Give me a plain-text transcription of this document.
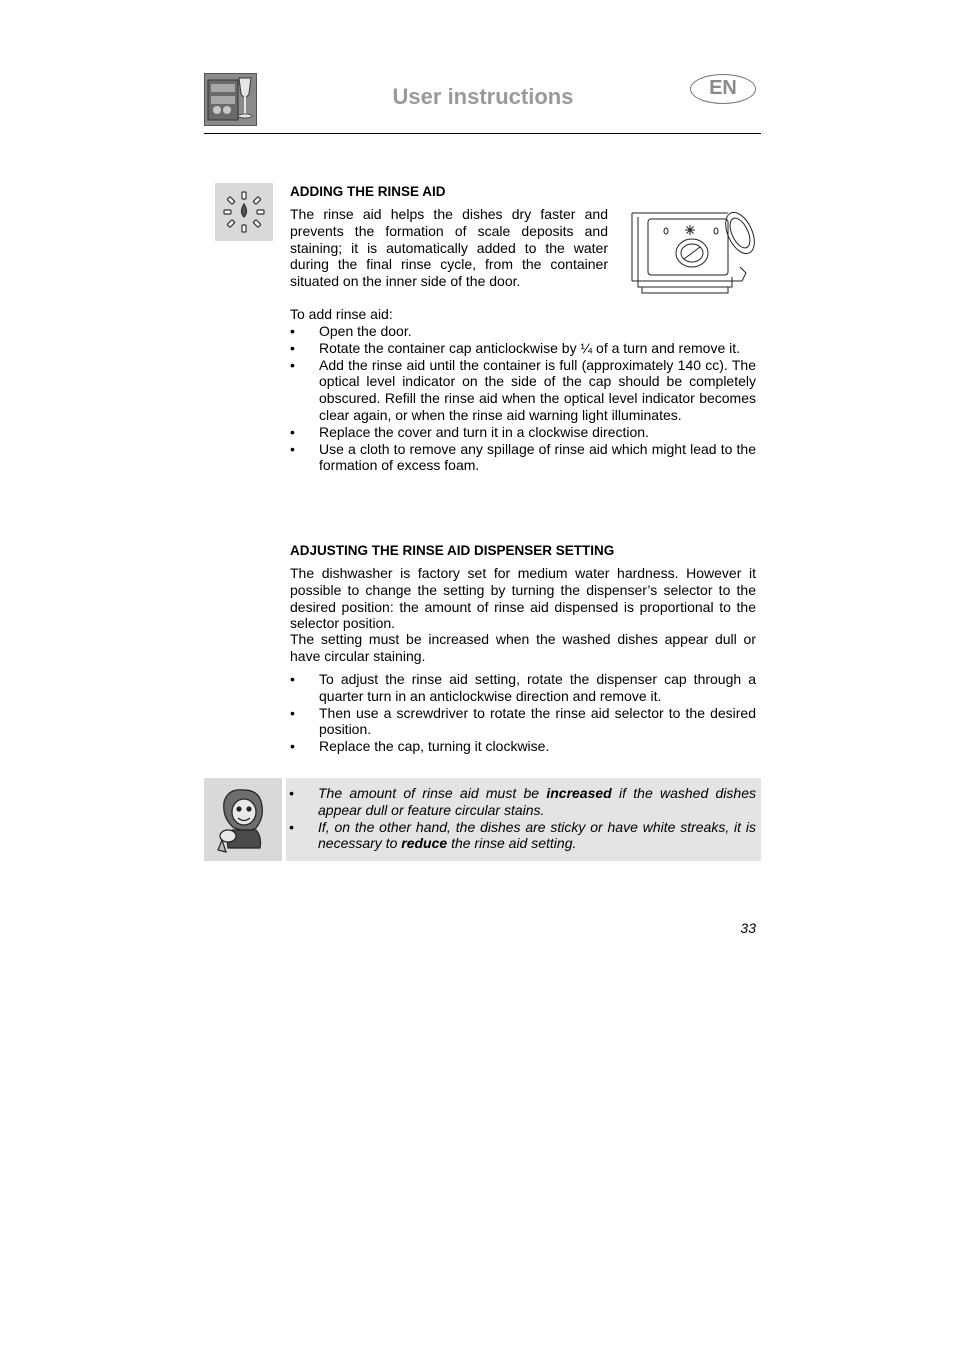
User instructions	EN
ADDING THE RINSE AID
The rinse aid helps the dishes dry faster and prevents the formation of scale deposits and staining; it is automatically added to the water during the final rinse cycle, from the container situated on the inner side of the door.
To add rinse aid:
• Open the door.
• Rotate the container cap anticlockwise by ¼ of a turn and remove it.
• Add the rinse aid until the container is full (approximately 140 cc). The optical level indicator on the side of the cap should be completely obscured. Refill the rinse aid when the optical level indicator becomes clear again, or when the rinse aid warning light illuminates.
• Replace the cover and turn it in a clockwise direction.
• Use a cloth to remove any spillage of rinse aid which might lead to the formation of excess foam.
ADJUSTING THE RINSE AID DISPENSER SETTING
The dishwasher is factory set for medium water hardness. However it possible to change the setting by turning the dispenser’s selector to the desired position: the amount of rinse aid dispensed is proportional to the selector position.
The setting must be increased when the washed dishes appear dull or have circular staining.
• To adjust the rinse aid setting, rotate the dispenser cap through a quarter turn in an anticlockwise direction and remove it.
• Then use a screwdriver to rotate the rinse aid selector to the desired position.
• Replace the cap, turning it clockwise.
• The amount of rinse aid must be increased if the washed dishes appear dull or feature circular stains.
• If, on the other hand, the dishes are sticky or have white streaks, it is necessary to reduce the rinse aid setting.
33
